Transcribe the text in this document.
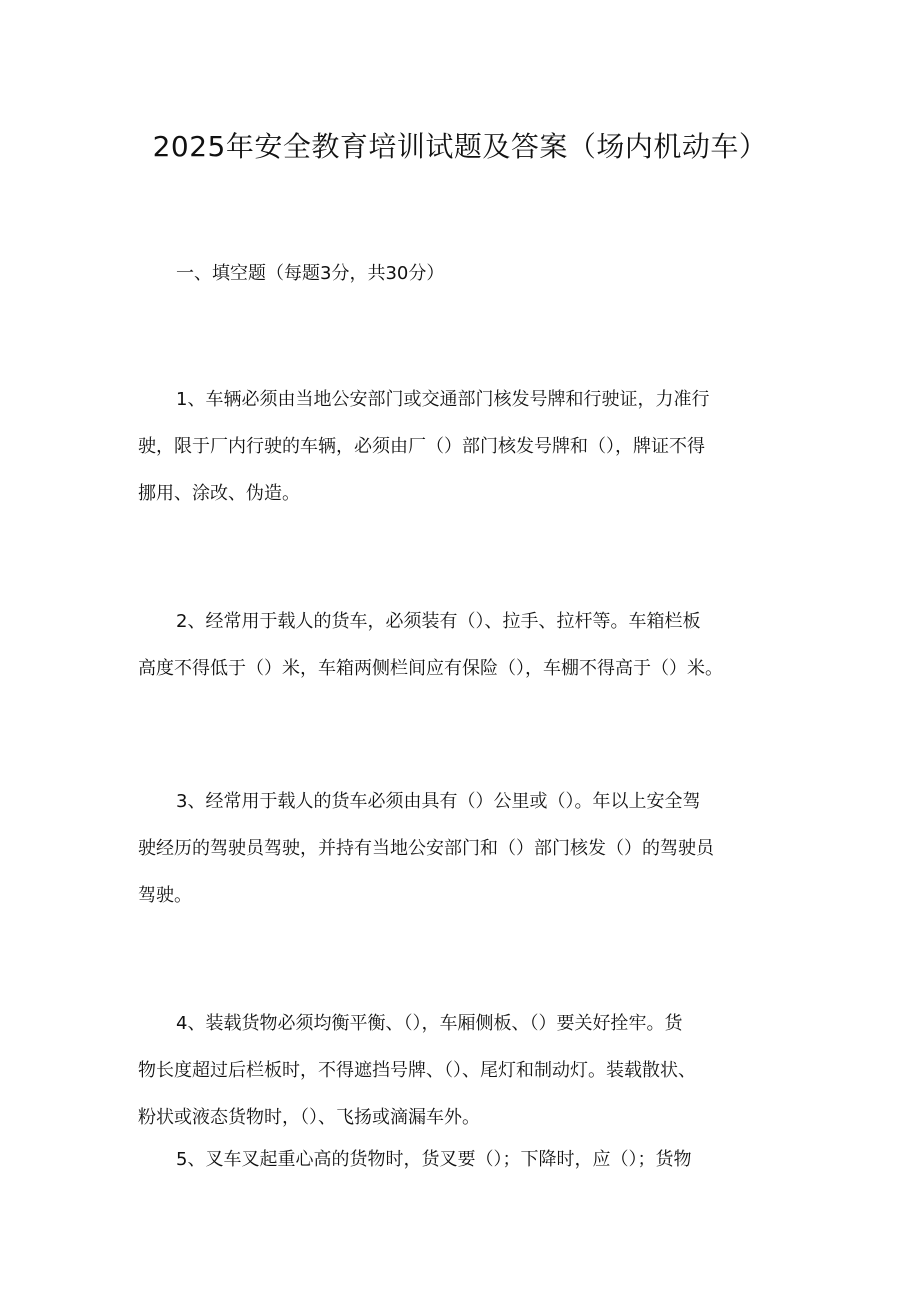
2025年安全教育培训试题及答案（场内机动车）
一、填空题（每题3分，共30分）
1、车辆必须由当地公安部门或交通部门核发号牌和行驶证，力准行
驶，限于厂内行驶的车辆，必须由厂（）部门核发号牌和（），牌证不得
挪用、涂改、伪造。
2、经常用于载人的货车，必须装有（）、拉手、拉杆等。车箱栏板
高度不得低于（）米，车箱两侧栏间应有保险（），车棚不得高于（）米。
3、经常用于载人的货车必须由具有（）公里或（）。年以上安全驾
驶经历的驾驶员驾驶，并持有当地公安部门和（）部门核发（）的驾驶员
驾驶。
4、装载货物必须均衡平衡、（），车厢侧板、（）要关好拴牢。货
物长度超过后栏板时，不得遮挡号牌、（）、尾灯和制动灯。装载散状、
粉状或液态货物时，（）、飞扬或滴漏车外。
5、叉车叉起重心高的货物时，货叉要（）；下降时，应（）；货物
